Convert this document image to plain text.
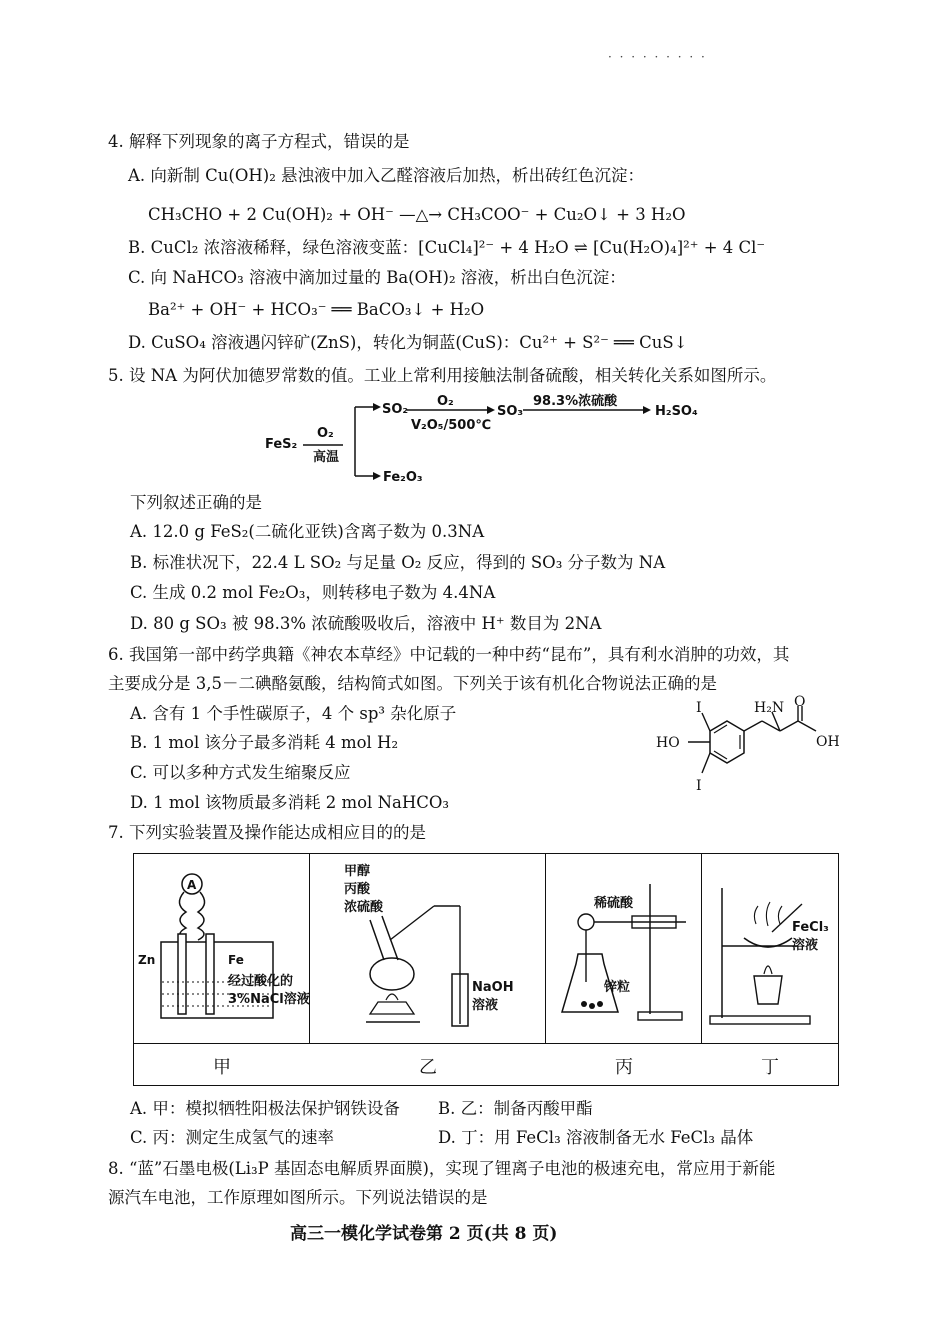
· · · · · · · · ·
4. 解释下列现象的离子方程式，错误的是
A. 向新制 Cu(OH)₂ 悬浊液中加入乙醛溶液后加热，析出砖红色沉淀：
CH₃CHO + 2 Cu(OH)₂ + OH⁻ —△→ CH₃COO⁻ + Cu₂O↓ + 3 H₂O
B. CuCl₂ 浓溶液稀释，绿色溶液变蓝：[CuCl₄]²⁻ + 4 H₂O ⇌ [Cu(H₂O)₄]²⁺ + 4 Cl⁻
C. 向 NaHCO₃ 溶液中滴加过量的 Ba(OH)₂ 溶液，析出白色沉淀：
Ba²⁺ + OH⁻ + HCO₃⁻ ══ BaCO₃↓ + H₂O
D. CuSO₄ 溶液遇闪锌矿(ZnS)，转化为铜蓝(CuS)：Cu²⁺ + S²⁻ ══ CuS↓
5. 设 NA 为阿伏加德罗常数的值。工业上常利用接触法制备硫酸，相关转化关系如图所示。
FeS₂
O₂
高温
SO₂
O₂
V₂O₅/500℃
SO₃
98.3%浓硫酸
H₂SO₄
Fe₂O₃
下列叙述正确的是
A. 12.0 g FeS₂(二硫化亚铁)含离子数为 0.3NA
B. 标准状况下，22.4 L SO₂ 与足量 O₂ 反应，得到的 SO₃ 分子数为 NA
C. 生成 0.2 mol Fe₂O₃，则转移电子数为 4.4NA
D. 80 g SO₃ 被 98.3% 浓硫酸吸收后，溶液中 H⁺ 数目为 2NA
6. 我国第一部中药学典籍《神农本草经》中记载的一种中药“昆布”，具有利水消肿的功效，其
主要成分是 3,5－二碘酪氨酸，结构简式如图。下列关于该有机化合物说法正确的是
A. 含有 1 个手性碳原子，4 个 sp³ 杂化原子
B. 1 mol 该分子最多消耗 4 mol H₂
C. 可以多种方式发生缩聚反应
D. 1 mol 该物质最多消耗 2 mol NaHCO₃
I
I
H₂N O
OH
HO
7. 下列实验装置及操作能达成相应目的的是
A
Zn	Fe
经过酸化的
3%NaCl溶液
甲醇
丙酸
浓硫酸
NaOH
溶液
稀硫酸
锌粒
FeCl₃
溶液
甲	乙	丙	丁
A. 甲：模拟牺牲阳极法保护钢铁设备 B. 乙：制备丙酸甲酯
C. 丙：测定生成氢气的速率	D. 丁：用 FeCl₃ 溶液制备无水 FeCl₃ 晶体
8. “蓝”石墨电极(Li₃P 基固态电解质界面膜)，实现了锂离子电池的极速充电，常应用于新能
源汽车电池，工作原理如图所示。下列说法错误的是
高三一模化学试卷第 2 页(共 8 页)
